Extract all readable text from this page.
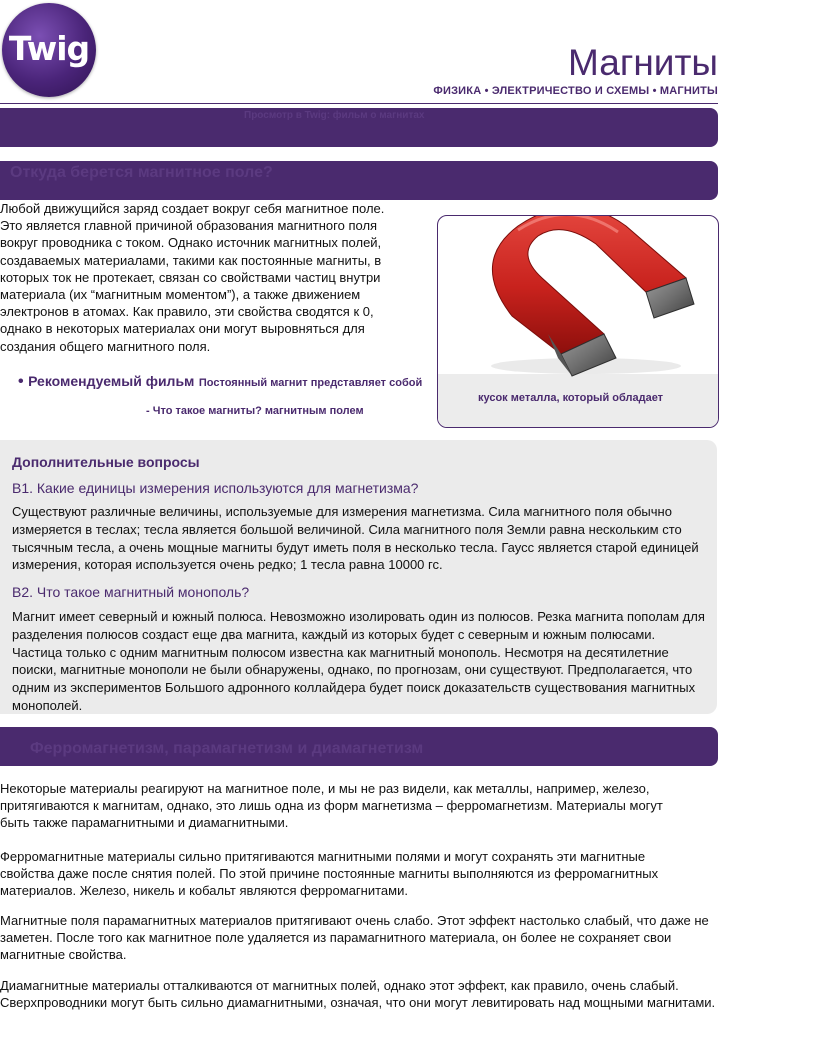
Twig	Магниты
ФИЗИКА • ЭЛЕКТРИЧЕСТВО И СХЕМЫ • МАГНИТЫ
Просмотр в Twig: фильм о магнитах
Откуда берется магнитное поле?
Любой движущийся заряд создает вокруг себя магнитное поле. Это является главной причиной образования магнитного поля вокруг проводника с током. Однако источник магнитных полей, создаваемых материалами, такими как постоянные магниты, в которых ток не протекает, связан со свойствами частиц внутри материала (их “магнитным моментом”), а также движением электронов в атомах. Как правило, эти свойства сводятся к 0, однако в некоторых материалах они могут выровняться для создания общего магнитного поля.
кусок металла, который обладает
• Рекомендуемый фильм Постоянный магнит представляет собой
- Что такое магниты? магнитным полем
Дополнительные вопросы
В1. Какие единицы измерения используются для магнетизма?
Существуют различные величины, используемые для измерения магнетизма. Сила магнитного поля обычно измеряется в теслах; тесла является большой величиной. Сила магнитного поля Земли равна нескольким сто тысячным тесла, а очень мощные магниты будут иметь поля в несколько тесла. Гаусс является старой единицей измерения, которая используется очень редко; 1 тесла равна 10000 гс.
В2. Что такое магнитный монополь?
Магнит имеет северный и южный полюса. Невозможно изолировать один из полюсов. Резка магнита пополам для разделения полюсов создаст еще два магнита, каждый из которых будет с северным и южным полюсами. Частица только с одним магнитным полюсом известна как магнитный монополь. Несмотря на десятилетние поиски, магнитные монополи не были обнаружены, однако, по прогнозам, они существуют. Предполагается, что одним из экспериментов Большого адронного коллайдера будет поиск доказательств существования магнитных монополей.
Ферромагнетизм, парамагнетизм и диамагнетизм
Некоторые материалы реагируют на магнитное поле, и мы не раз видели, как металлы, например, железо, притягиваются к магнитам, однако, это лишь одна из форм магнетизма – ферромагнетизм. Материалы могут быть также парамагнитными и диамагнитными.
Ферромагнитные материалы сильно притягиваются магнитными полями и могут сохранять эти магнитные свойства даже после снятия полей. По этой причине постоянные магниты выполняются из ферромагнитных материалов. Железо, никель и кобальт являются ферромагнитами.
Магнитные поля парамагнитных материалов притягивают очень слабо. Этот эффект настолько слабый, что даже не заметен. После того как магнитное поле удаляется из парамагнитного материала, он более не сохраняет свои магнитные свойства.
Диамагнитные материалы отталкиваются от магнитных полей, однако этот эффект, как правило, очень слабый. Сверхпроводники могут быть сильно диамагнитными, означая, что они могут левитировать над мощными магнитами.
